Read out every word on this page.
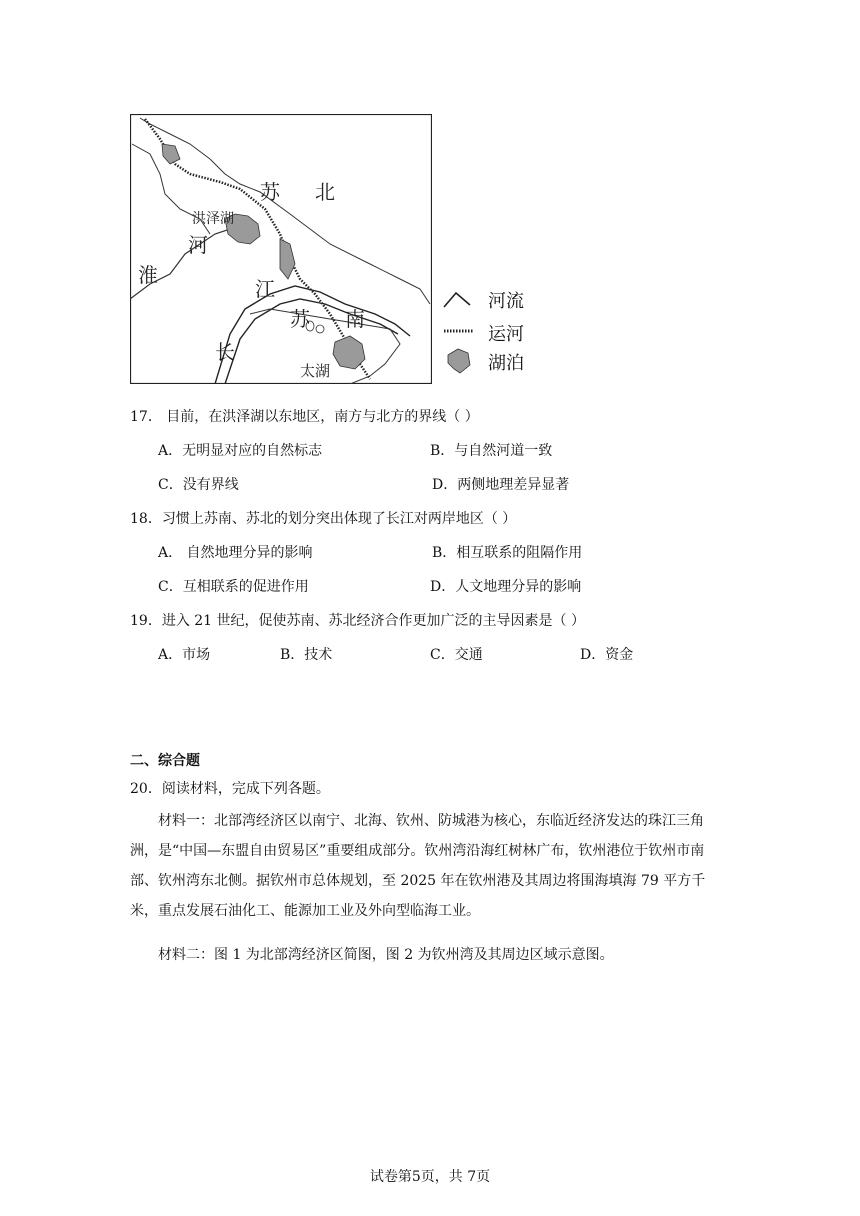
苏 北
洪泽湖
河
淮
江
苏 南
长
太湖
河流
运河
湖泊
17． 目前，在洪泽湖以东地区，南方与北方的界线（ ）
A．无明显对应的自然标志	B．与自然河道一致
C．没有界线	D．两侧地理差异显著
18．习惯上苏南、苏北的划分突出体现了长江对两岸地区（ ）
A． 自然地理分异的影响	B．相互联系的阻隔作用
C．互相联系的促进作用	D．人文地理分异的影响
19．进入 21 世纪，促使苏南、苏北经济合作更加广泛的主导因素是（ ）
A．市场	B．技术	C．交通	D．资金
二、综合题
20．阅读材料，完成下列各题。
材料一：北部湾经济区以南宁、北海、钦州、防城港为核心，东临近经济发达的珠江三角洲，是“中国—东盟自由贸易区”重要组成部分。钦州湾沿海红树林广布，钦州港位于钦州市南部、钦州湾东北侧。据钦州市总体规划，至 2025 年在钦州港及其周边将围海填海 79 平方千米，重点发展石油化工、能源加工业及外向型临海工业。
材料二：图 1 为北部湾经济区简图，图 2 为钦州湾及其周边区域示意图。
试卷第5页，共 7页
